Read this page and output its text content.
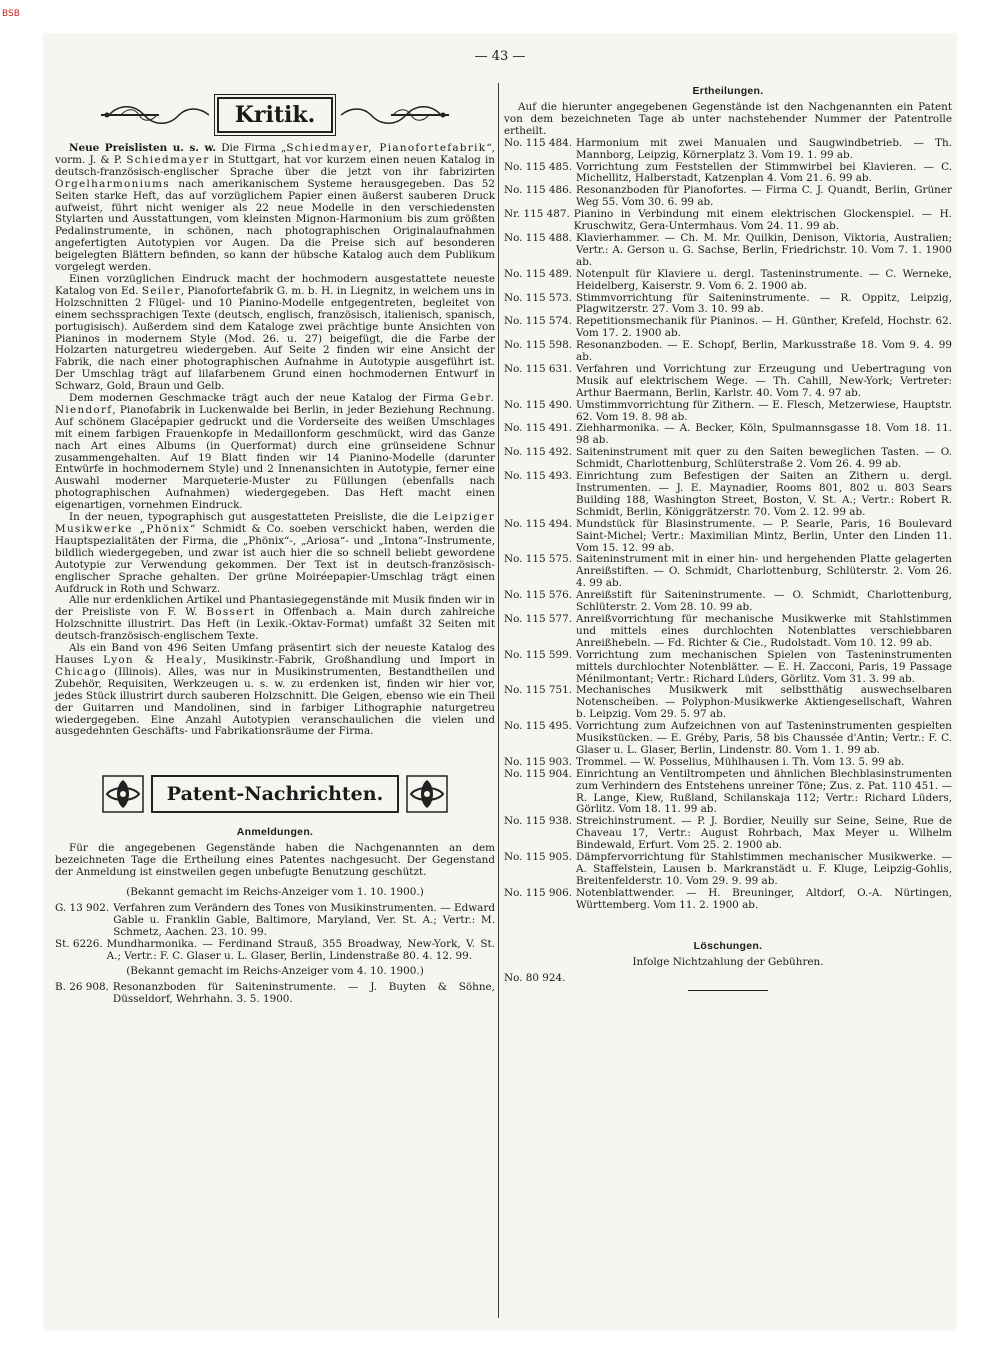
BSB
— 43 —
Kritik.

Neue Preislisten u. s. w. Die Firma „Schiedmayer, Pianofortefabrik“, vorm. J. & P. Schiedmayer in Stuttgart, hat vor kurzem einen neuen Katalog in deutsch-französisch-englischer Sprache über die jetzt von ihr fabrizirten Orgelharmoniums nach amerikanischem Systeme herausgegeben. Das 52 Seiten starke Heft, das auf vorzüglichem Papier einen äußerst sauberen Druck aufweist, führt nicht weniger als 22 neue Modelle in den verschiedensten Stylarten und Ausstattungen, vom kleinsten Mignon-Harmonium bis zum größten Pedalinstrumente, in schönen, nach photographischen Originalaufnahmen angefertigten Autotypien vor Augen. Da die Preise sich auf besonderen beigelegten Blättern befinden, so kann der hübsche Katalog auch dem Publikum vorgelegt werden.

Einen vorzüglichen Eindruck macht der hochmodern ausgestattete neueste Katalog von Ed. Seiler, Pianofortefabrik G. m. b. H. in Liegnitz, in welchem uns in Holzschnitten 2 Flügel- und 10 Pianino-Modelle entgegentreten, begleitet von einem sechssprachigen Texte (deutsch, englisch, französisch, italienisch, spanisch, portugisisch). Außerdem sind dem Kataloge zwei prächtige bunte Ansichten von Pianinos in modernem Style (Mod. 26. u. 27) beigefügt, die die Farbe der Holzarten naturgetreu wiedergeben. Auf Seite 2 finden wir eine Ansicht der Fabrik, die nach einer photographischen Aufnahme in Autotypie ausgeführt ist. Der Umschlag trägt auf lilafarbenem Grund einen hochmodernen Entwurf in Schwarz, Gold, Braun und Gelb.

Dem modernen Geschmacke trägt auch der neue Katalog der Firma Gebr. Niendorf, Pianofabrik in Luckenwalde bei Berlin, in jeder Beziehung Rechnung. Auf schönem Glacépapier gedruckt und die Vorderseite des weißen Umschlages mit einem farbigen Frauenkopfe in Medaillonform geschmückt, wird das Ganze nach Art eines Albums (in Querformat) durch eine grünseidene Schnur zusammengehalten. Auf 19 Blatt finden wir 14 Pianino-Modelle (darunter Entwürfe in hochmodernem Style) und 2 Innenansichten in Autotypie, ferner eine Auswahl moderner Marqueterie-Muster zu Füllungen (ebenfalls nach photographischen Aufnahmen) wiedergegeben. Das Heft macht einen eigenartigen, vornehmen Eindruck.

In der neuen, typographisch gut ausgestatteten Preisliste, die die Leipziger Musikwerke „Phönix“ Schmidt & Co. soeben verschickt haben, werden die Hauptspezialitäten der Firma, die „Phönix“-, „Ariosa“- und „Intona“-Instrumente, bildlich wiedergegeben, und zwar ist auch hier die so schnell beliebt gewordene Autotypie zur Verwendung gekommen. Der Text ist in deutsch-französisch-englischer Sprache gehalten. Der grüne Moiréepapier-Umschlag trägt einen Aufdruck in Roth und Schwarz.

Alle nur erdenklichen Artikel und Phantasiegegenstände mit Musik finden wir in der Preisliste von F. W. Bossert in Offenbach a. Main durch zahlreiche Holzschnitte illustrirt. Das Heft (in Lexik.-Oktav-Format) umfaßt 32 Seiten mit deutsch-französisch-englischem Texte.

Als ein Band von 496 Seiten Umfang präsentirt sich der neueste Katalog des Hauses Lyon & Healy, Musikinstr.-Fabrik, Großhandlung und Import in Chicago (Illinois). Alles, was nur in Musikinstrumenten, Bestandtheilen und Zubehör, Requisiten, Werkzeugen u. s. w. zu erdenken ist, finden wir hier vor, jedes Stück illustrirt durch sauberen Holzschnitt. Die Geigen, ebenso wie ein Theil der Guitarren und Mandolinen, sind in farbiger Lithographie naturgetreu wiedergegeben. Eine Anzahl Autotypien veranschaulichen die vielen und ausgedehnten Geschäfts- und Fabrikationsräume der Firma.

Patent-Nachrichten.
Anmeldungen.

Für die angegebenen Gegenstände haben die Nachgenannten an dem bezeichneten Tage die Ertheilung eines Patentes nachgesucht. Der Gegenstand der Anmeldung ist einstweilen gegen unbefugte Benutzung geschützt.

(Bekannt gemacht im Reichs-Anzeiger vom 1. 10. 1900.)
G. 13 902. Verfahren zum Verändern des Tones von Musikinstrumenten. — Edward Gable u. Franklin Gable, Baltimore, Maryland, Ver. St. A.; Vertr.: M. Schmetz, Aachen. 23. 10. 99.
St. 6226. Mundharmonika. — Ferdinand Strauß, 355 Broadway, New-York, V. St. A.; Vertr.: F. C. Glaser u. L. Glaser, Berlin, Lindenstraße 80. 4. 12. 99.
(Bekannt gemacht im Reichs-Anzeiger vom 4. 10. 1900.)
B. 26 908. Resonanzboden für Saiteninstrumente. — J. Buyten & Söhne, Düsseldorf, Wehrhahn. 3. 5. 1900.
Ertheilungen.

Auf die hierunter angegebenen Gegenstände ist den Nachgenannten ein Patent von dem bezeichneten Tage ab unter nachstehender Nummer der Patentrolle ertheilt.

No. 115 484. Harmonium mit zwei Manualen und Saugwindbetrieb. — Th. Mannborg, Leipzig, Körnerplatz 3. Vom 19. 1. 99 ab.
No. 115 485. Vorrichtung zum Feststellen der Stimmwirbel bei Klavieren. — C. Michellitz, Halberstadt, Katzenplan 4. Vom 21. 6. 99 ab.
No. 115 486. Resonanzboden für Pianofortes. — Firma C. J. Quandt, Berlin, Grüner Weg 55. Vom 30. 6. 99 ab.
Nr. 115 487. Pianino in Verbindung mit einem elektrischen Glockenspiel. — H. Kruschwitz, Gera-Untermhaus. Vom 24. 11. 99 ab.
No. 115 488. Klavierhammer. — Ch. M. Mr. Quilkin, Denison, Viktoria, Australien; Vertr.: A. Gerson u. G. Sachse, Berlin, Friedrichstr. 10. Vom 7. 1. 1900 ab.
No. 115 489. Notenpult für Klaviere u. dergl. Tasteninstrumente. — C. Werneke, Heidelberg, Kaiserstr. 9. Vom 6. 2. 1900 ab.
No. 115 573. Stimmvorrichtung für Saiteninstrumente. — R. Oppitz, Leipzig, Plagwitzerstr. 27. Vom 3. 10. 99 ab.
No. 115 574. Repetitionsmechanik für Pianinos. — H. Günther, Krefeld, Hochstr. 62. Vom 17. 2. 1900 ab.
No. 115 598. Resonanzboden. — E. Schopf, Berlin, Markusstraße 18. Vom 9. 4. 99 ab.
No. 115 631. Verfahren und Vorrichtung zur Erzeugung und Uebertragung von Musik auf elektrischem Wege. — Th. Cahill, New-York; Vertreter: Arthur Baermann, Berlin, Karlstr. 40. Vom 7. 4. 97 ab.
No. 115 490. Umstimmvorrichtung für Zithern. — E. Flesch, Metzerwiese, Hauptstr. 62. Vom 19. 8. 98 ab.
No. 115 491. Ziehharmonika. — A. Becker, Köln, Spulmannsgasse 18. Vom 18. 11. 98 ab.
No. 115 492. Saiteninstrument mit quer zu den Saiten beweglichen Tasten. — O. Schmidt, Charlottenburg, Schlüterstraße 2. Vom 26. 4. 99 ab.
No. 115 493. Einrichtung zum Befestigen der Saiten an Zithern u. dergl. Instrumenten. — J. E. Maynadier, Rooms 801, 802 u. 803 Sears Building 188, Washington Street, Boston, V. St. A.; Vertr.: Robert R. Schmidt, Berlin, Königgrätzerstr. 70. Vom 2. 12. 99 ab.
No. 115 494. Mundstück für Blasinstrumente. — P. Searle, Paris, 16 Boulevard Saint-Michel; Vertr.: Maximilian Mintz, Berlin, Unter den Linden 11. Vom 15. 12. 99 ab.
No. 115 575. Saiteninstrument mit in einer hin- und hergehenden Platte gelagerten Anreißstiften. — O. Schmidt, Charlottenburg, Schlüterstr. 2. Vom 26. 4. 99 ab.
No. 115 576. Anreißstift für Saiteninstrumente. — O. Schmidt, Charlottenburg, Schlüterstr. 2. Vom 28. 10. 99 ab.
No. 115 577. Anreißvorrichtung für mechanische Musikwerke mit Stahlstimmen und mittels eines durchlochten Notenblattes verschiebbaren Anreißhebeln. — Fd. Richter & Cie., Rudolstadt. Vom 10. 12. 99 ab.
No. 115 599. Vorrichtung zum mechanischen Spielen von Tasteninstrumenten mittels durchlochter Notenblätter. — E. H. Zacconi, Paris, 19 Passage Ménilmontant; Vertr.: Richard Lüders, Görlitz. Vom 31. 3. 99 ab.
No. 115 751. Mechanisches Musikwerk mit selbstthätig auswechselbaren Notenscheiben. — Polyphon-Musikwerke Aktiengesellschaft, Wahren b. Leipzig. Vom 29. 5. 97 ab.
No. 115 495. Vorrichtung zum Aufzeichnen von auf Tasteninstrumenten gespielten Musikstücken. — E. Gréby, Paris, 58 bis Chaussée d'Antin; Vertr.: F. C. Glaser u. L. Glaser, Berlin, Lindenstr. 80. Vom 1. 1. 99 ab.
No. 115 903. Trommel. — W. Posselius, Mühlhausen i. Th. Vom 13. 5. 99 ab.
No. 115 904. Einrichtung an Ventiltrompeten und ähnlichen Blechblasinstrumenten zum Verhindern des Entstehens unreiner Töne; Zus. z. Pat. 110 451. — R. Lange, Kiew, Rußland, Schilanskaja 112; Vertr.: Richard Lüders, Görlitz. Vom 18. 11. 99 ab.
No. 115 938. Streichinstrument. — P. J. Bordier, Neuilly sur Seine, Seine, Rue de Chaveau 17, Vertr.: August Rohrbach, Max Meyer u. Wilhelm Bindewald, Erfurt. Vom 25. 2. 1900 ab.
No. 115 905. Dämpfervorrichtung für Stahlstimmen mechanischer Musikwerke. — A. Staffelstein, Lausen b. Markranstädt u. F. Kluge, Leipzig-Gohlis, Breitenfelderstr. 10. Vom 29. 9. 99 ab.
No. 115 906. Notenblattwender. — H. Breuninger, Altdorf, O.-A. Nürtingen, Württemberg. Vom 11. 2. 1900 ab.
Löschungen.
Infolge Nichtzahlung der Gebühren.
No. 80 924.
